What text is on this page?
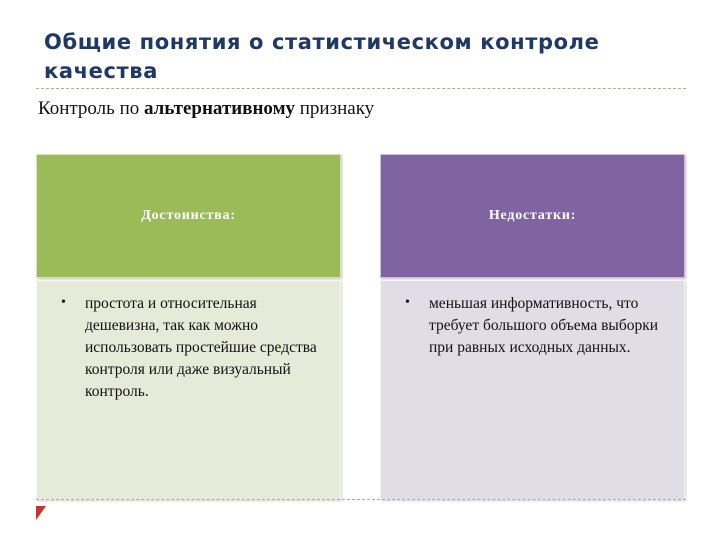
Общие понятия о статистическом контроле качества

Контроль по альтернативному признаку

Достоинства:
• простота и относительная дешевизна, так как можно использовать простейшие средства контроля или даже визуальный контроль.
Недостатки:
• меньшая информативность, что требует большого объема выборки при равных исходных данных.
